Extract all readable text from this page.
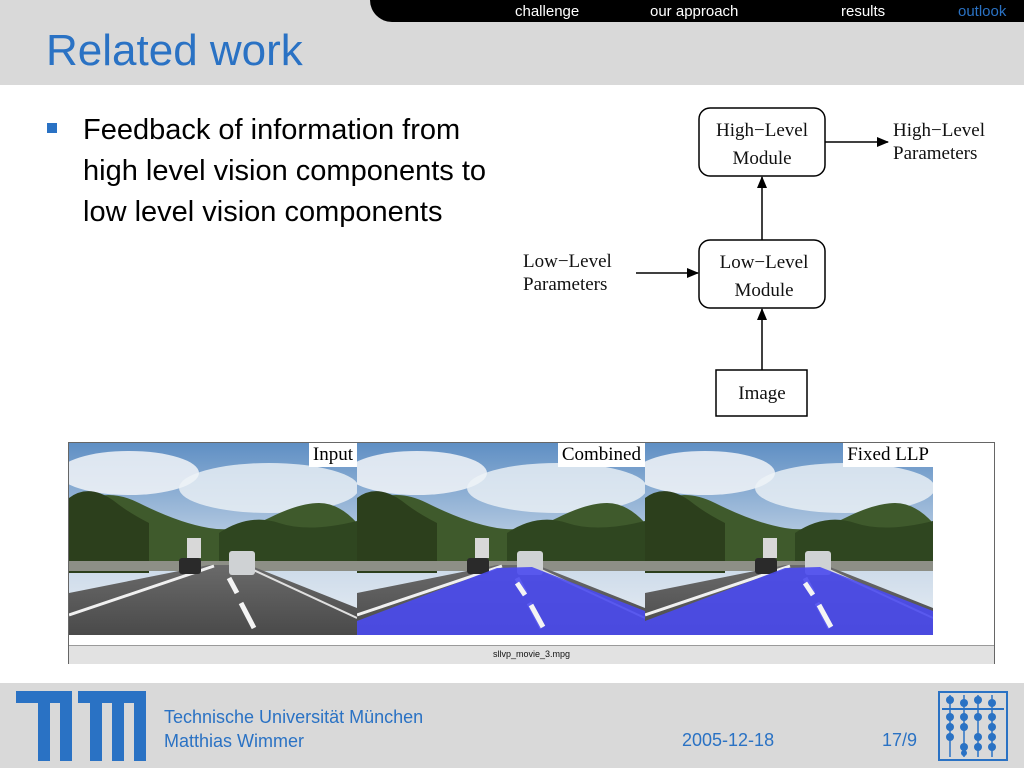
challenge	our approach	results	outlook
Related work
Feedback of information from
high level vision components to
low level vision components
High−Level
Module
High−Level
Parameters
Low−Level
Module
Low−Level
Parameters
Image
Input	Combined	Fixed LLP
sllvp_movie_3.mpg
Technische Universität München
Matthias Wimmer	2005-12-18	17/9
